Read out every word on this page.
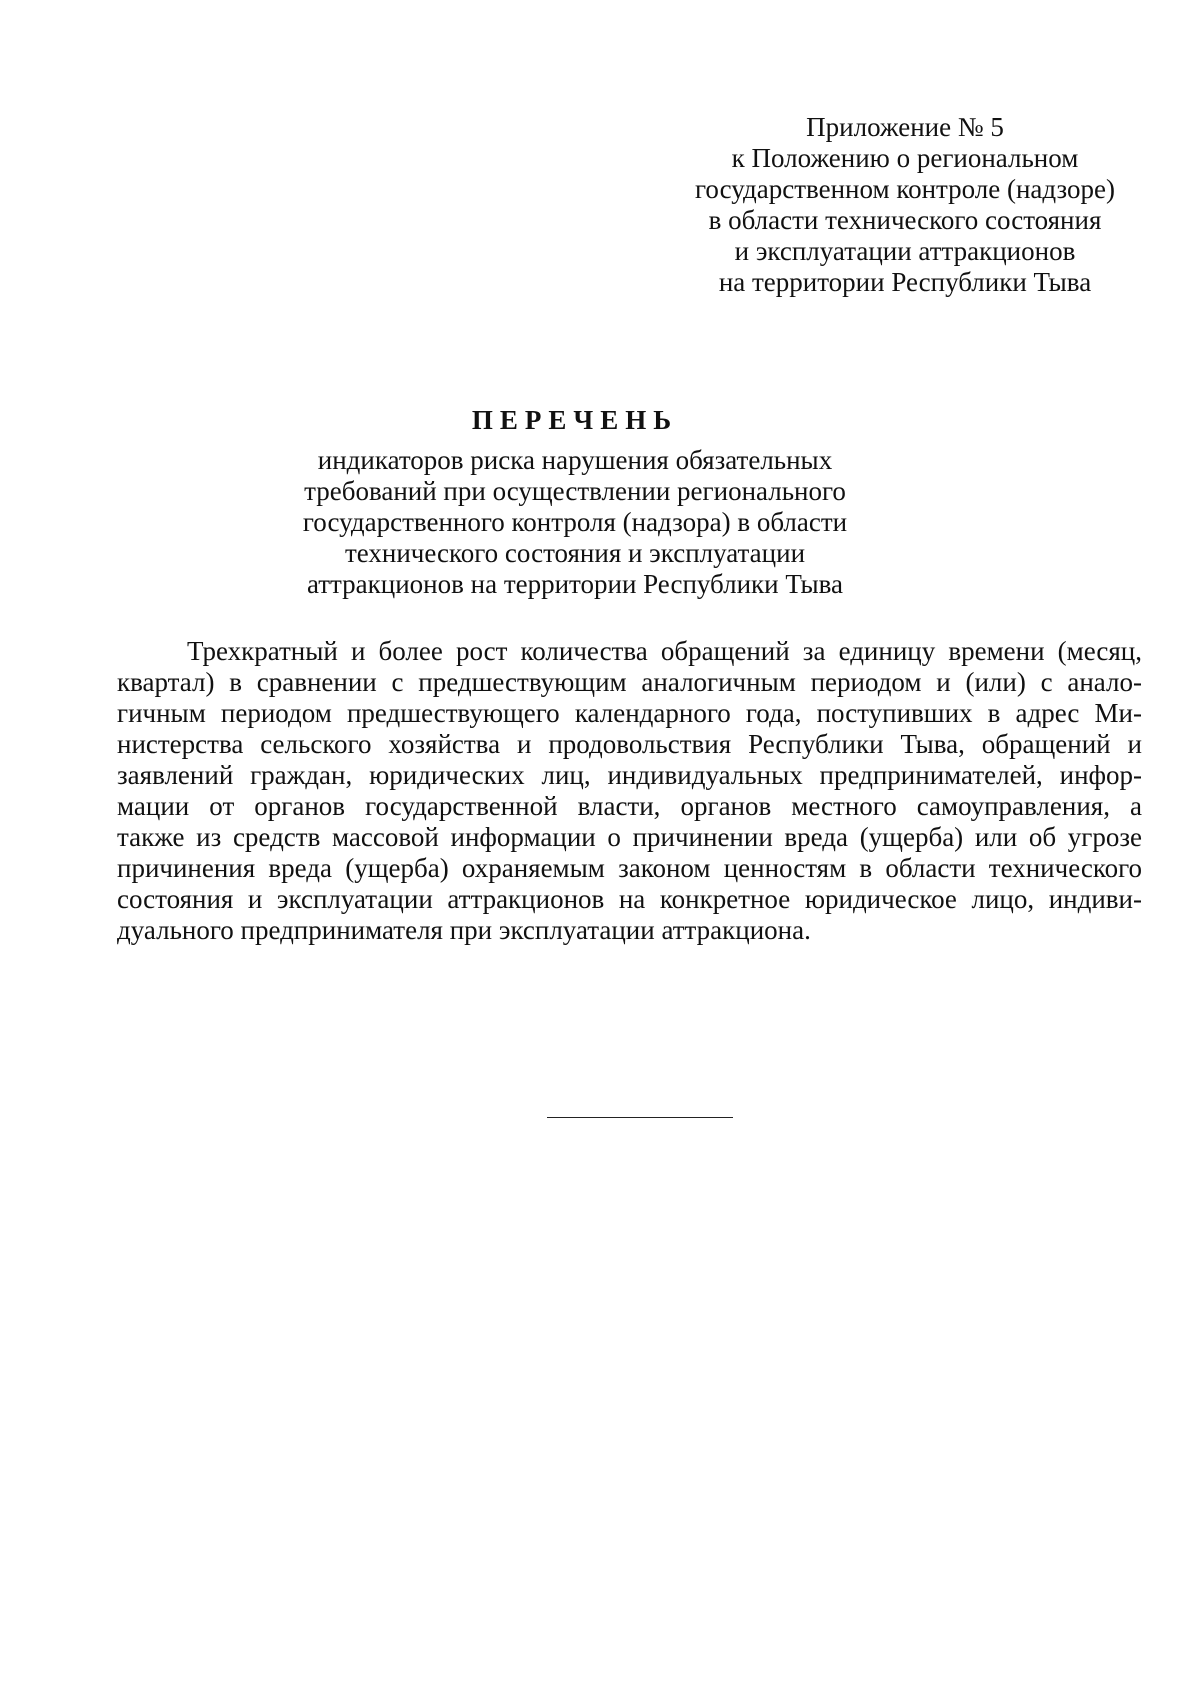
Приложение № 5
к Положению о региональном
государственном контроле (надзоре)
в области технического состояния
и эксплуатации аттракционов
на территории Республики Тыва
ПЕРЕЧЕНЬ
индикаторов риска нарушения обязательных
требований при осуществлении регионального
государственного контроля (надзора) в области
технического состояния и эксплуатации
аттракционов на территории Республики Тыва
Трехкратный и более рост количества обращений за единицу времени (месяц,
квартал) в сравнении с предшествующим аналогичным периодом и (или) с анало-
гичным периодом предшествующего календарного года, поступивших в адрес Ми-
нистерства сельского хозяйства и продовольствия Республики Тыва, обращений и
заявлений граждан, юридических лиц, индивидуальных предпринимателей, инфор-
мации от органов государственной власти, органов местного самоуправления, а
также из средств массовой информации о причинении вреда (ущерба) или об угрозе
причинения вреда (ущерба) охраняемым законом ценностям в области технического
состояния и эксплуатации аттракционов на конкретное юридическое лицо, индиви-
дуального предпринимателя при эксплуатации аттракциона.
